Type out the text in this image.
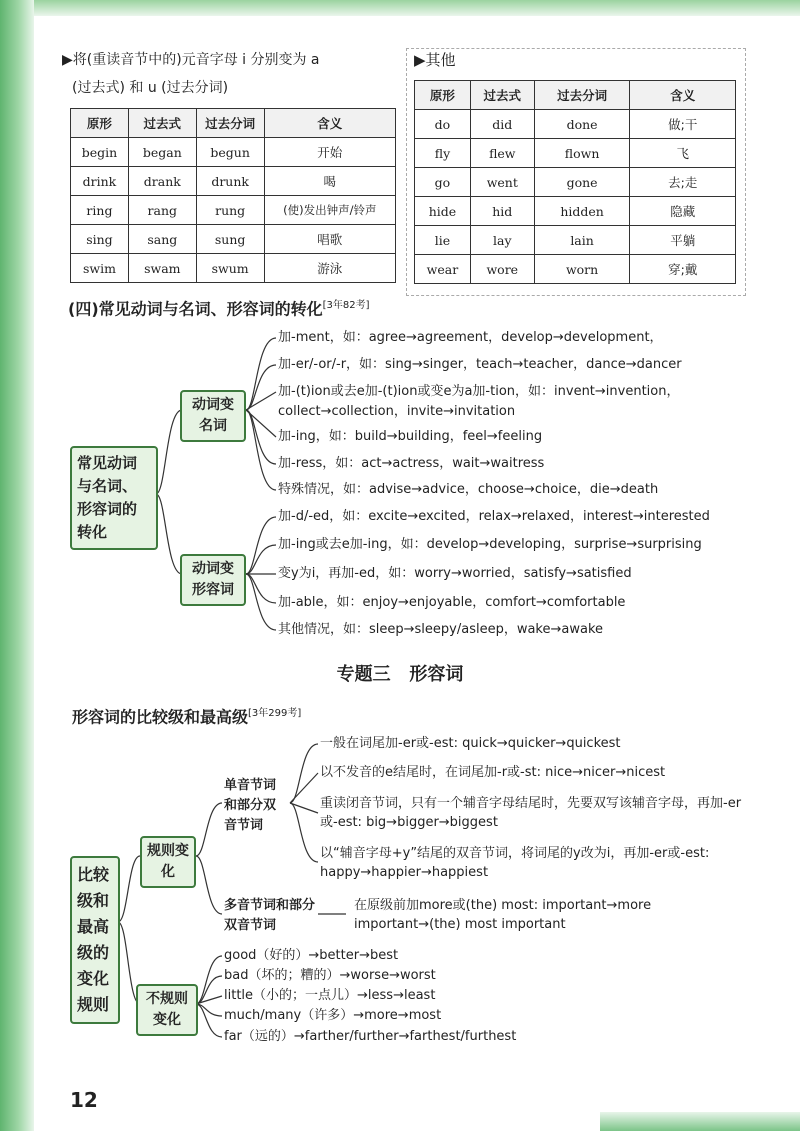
▶将(重读音节中的)元音字母 i 分别变为 a
(过去式) 和 u (过去分词)
原形	过去式	过去分词	含义
begin	began	begun	开始
drink	drank	drunk	喝
ring	rang	rung	(使)发出钟声/铃声
sing	sang	sung	唱歌
swim	swam	swum	游泳
▶其他
原形	过去式	过去分词	含义
do	did	done	做;干
fly	flew	flown	飞
go	went	gone	去;走
hide	hid	hidden	隐藏
lie	lay	lain	平躺
wear	wore	worn	穿;戴
(四)常见动词与名词、形容词的转化[3年82考]
常见动词与名词、形容词的转化
动词变名词
动词变形容词
加-ment，如：agree→agreement，develop→development，
加-er/-or/-r，如：sing→singer，teach→teacher，dance→dancer
加-(t)ion或去e加-(t)ion或变e为a加-tion，如：invent→invention，
collect→collection，invite→invitation
加-ing，如：build→building，feel→feeling
加-ress，如：act→actress，wait→waitress
特殊情况，如：advise→advice，choose→choice，die→death
加-d/-ed，如：excite→excited，relax→relaxed，interest→interested
加-ing或去e加-ing，如：develop→developing，surprise→surprising
变y为i，再加-ed，如：worry→worried，satisfy→satisfied
加-able，如：enjoy→enjoyable，comfort→comfortable
其他情况，如：sleep→sleepy/asleep，wake→awake
专题三   形容词
形容词的比较级和最高级[3年299考]
比较级和最高级的变化规则
规则变化
不规则变化
单音节词和部分双音节词
一般在词尾加-er或-est: quick→quicker→quickest
以不发音的e结尾时，在词尾加-r或-st: nice→nicer→nicest
重读闭音节词，只有一个辅音字母结尾时，先要双写该辅音字母，再加-er或-est: big→bigger→biggest
以“辅音字母+y”结尾的双音节词，将词尾的y改为i，再加-er或-est: happy→happier→happiest
多音节词和部分双音节词
在原级前加more或(the) most: important→more important→(the) most important
good（好的）→better→best
bad（坏的；糟的）→worse→worst
little（小的；一点儿）→less→least
much/many（许多）→more→most
far（远的）→farther/further→farthest/furthest
12
